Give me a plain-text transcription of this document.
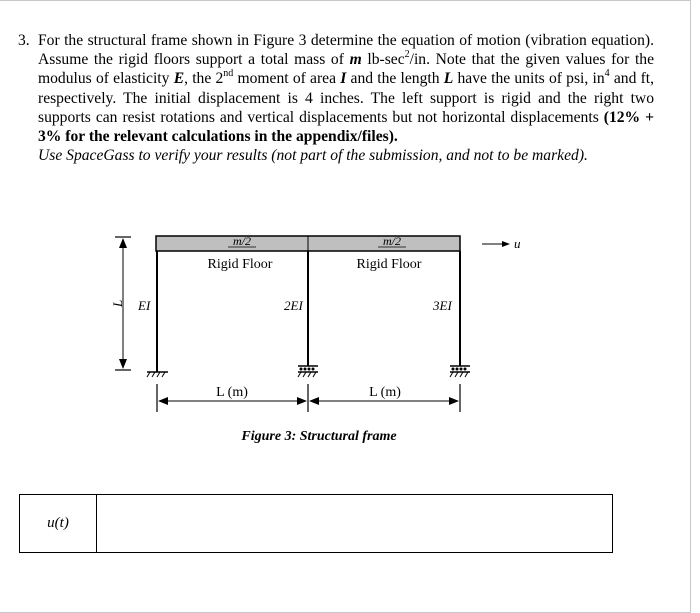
3. For the structural frame shown in Figure 3 determine the equation of motion (vibration equation). Assume the rigid floors support a total mass of m $lb-\sec^2/in$. Note that the given values for the modulus of elasticity E, the 2nd moment of area I and the length L have the units of psi, $in^4$ and ft, respectively. The initial displacement is 4 inches. The left support is rigid and the right two supports can resist rotations and vertical displacements but not horizontal displacements (12% + 3% for the relevant calculations in the appendix/files).
Use SpaceGass to verify your results (not part of the submission, and not to be marked).
L
u
m/2	m/2
Rigid Floor	Rigid Floor
EI	2EI	3EI
L (m)	L (m)
Figure 3: Structural frame
u(t)
